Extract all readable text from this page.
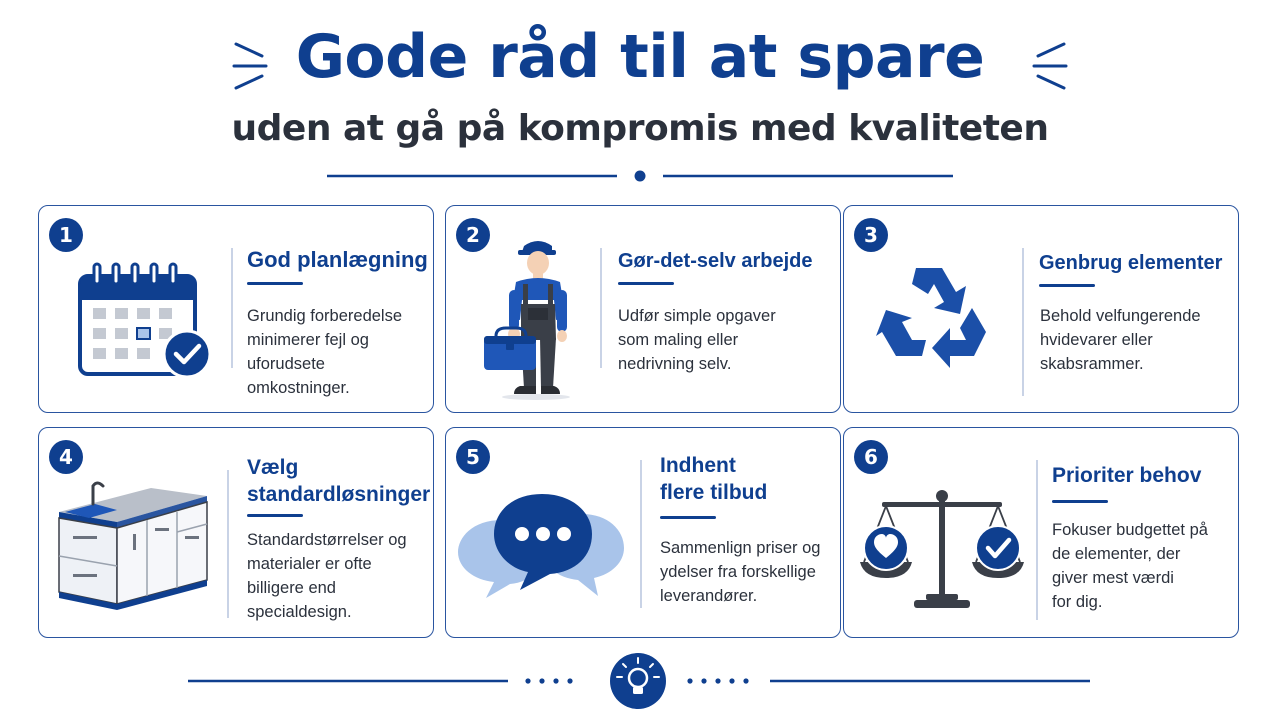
Gode råd til at spare
uden at gå på kompromis med kvaliteten
1
God planlægning
Grundig forberedelse
minimerer fejl og
uforudsete
omkostninger.
2
Gør-det-selv arbejde
Udfør simple opgaver
som maling eller
nedrivning selv.
3
Genbrug elementer
Behold velfungerende
hvidevarer eller
skabsrammer.
4	Vælg
standardløsninger
Standardstørrelser og
materialer er ofte
billigere end
specialdesign.
5	Indhent
flere tilbud
Sammenlign priser og
ydelser fra forskellige
leverandører.
6
Prioriter behov
Fokuser budgettet på
de elementer, der
giver mest værdi
for dig.
